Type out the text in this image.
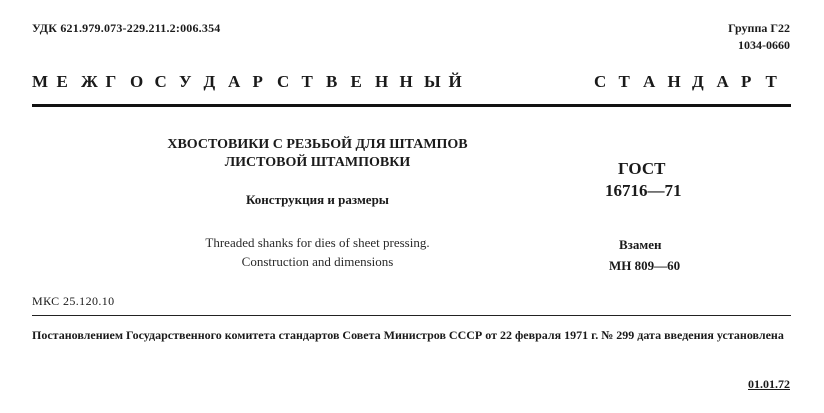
УДК 621.979.073-229.211.2:006.354	Группа Г22
1034-0660
М Е Ж Г О С У Д А Р С Т В Е Н Н Ы Й	С Т А Н Д А Р Т
ХВОСТОВИКИ С РЕЗЬБОЙ ДЛЯ ШТАМПОВ
ЛИСТОВОЙ ШТАМПОВКИ
Конструкция и размеры
Threaded shanks for dies of sheet pressing.
Construction and dimensions
ГОСТ
16716—71
Взамен
МН 809—60
МКС 25.120.10
Постановлением Государственного комитета стандартов Совета Министров СССР от 22 февраля 1971 г. № 299 дата введения установлена
01.01.72
